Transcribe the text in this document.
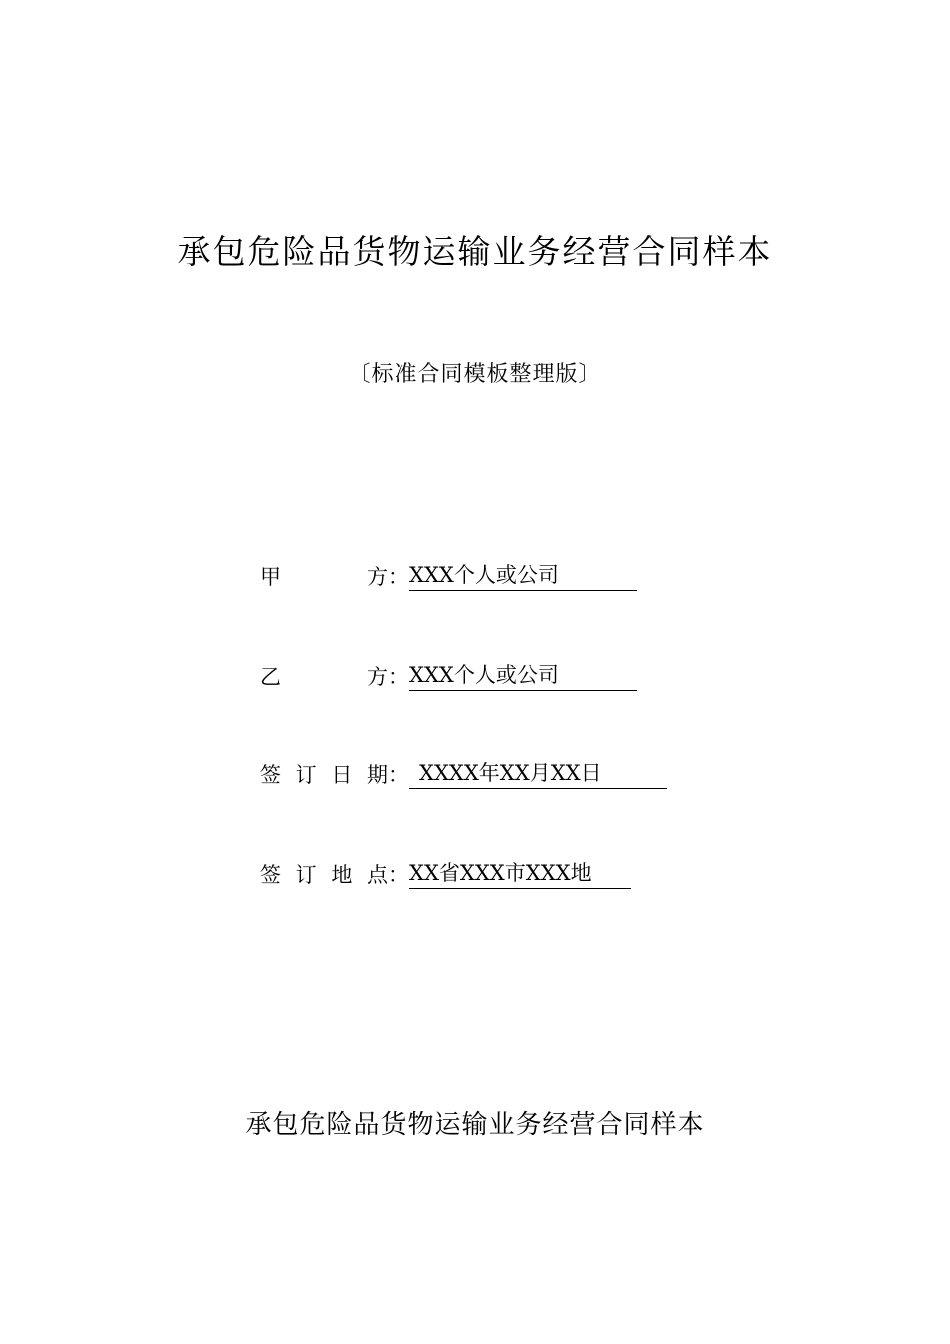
承包危险品货物运输业务经营合同样本
〔标准合同模板整理版〕
甲方：XXX个人或公司
乙方：XXX个人或公司
签订日期： XXXX年XX月XX日
签订地点：XX省XXX市XXX地
承包危险品货物运输业务经营合同样本
